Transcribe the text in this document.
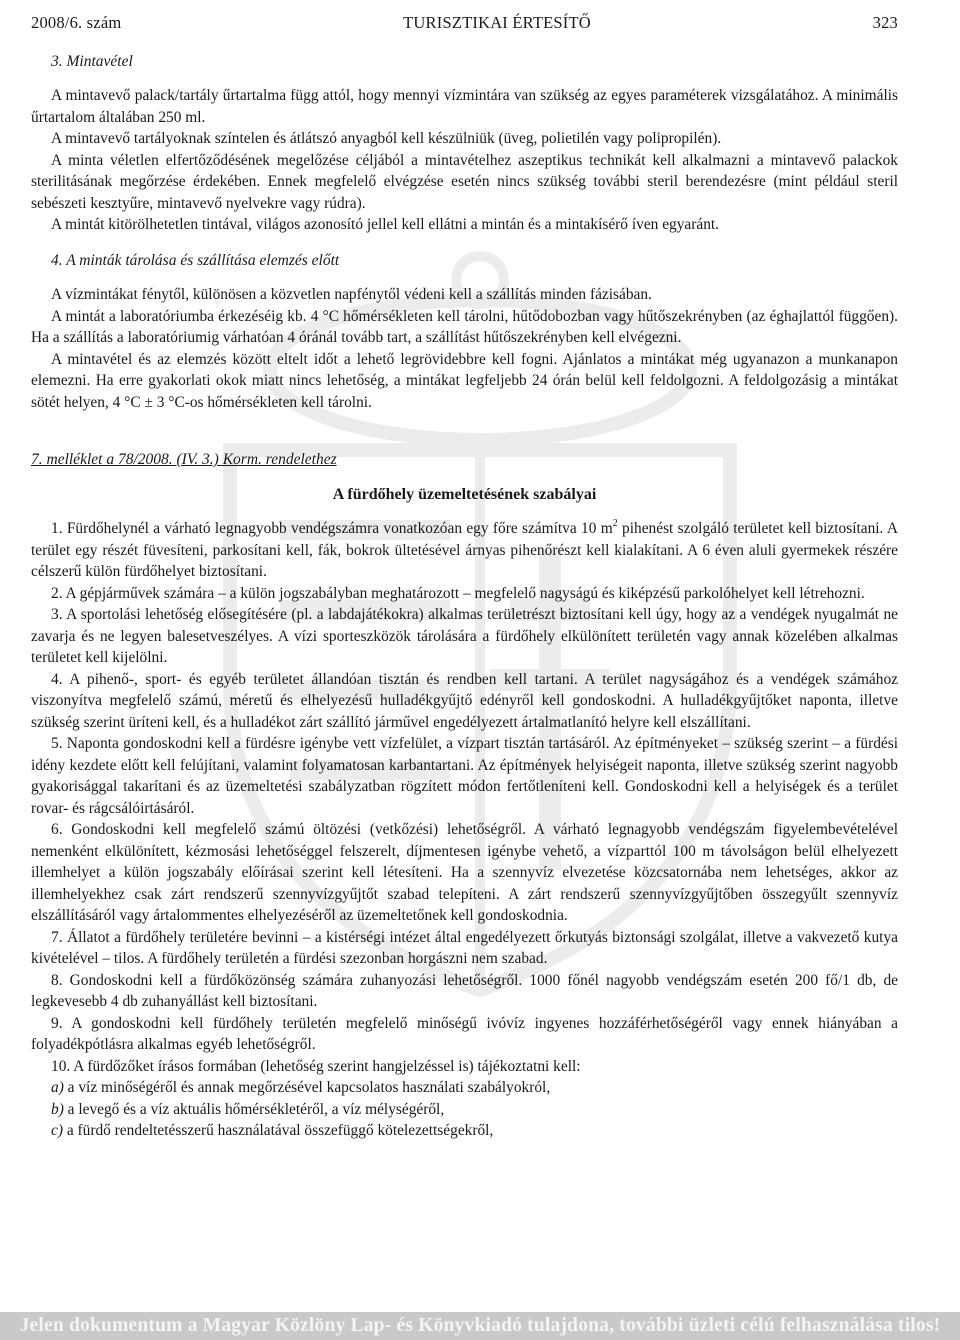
2008/6. szám	TURISZTIKAI ÉRTESÍTŐ	323
3. Mintavétel

A mintavevő palack/tartály űrtartalma függ attól, hogy mennyi vízmintára van szükség az egyes paraméterek vizsgálatához. A minimális űrtartalom általában 250 ml.

A mintavevő tartályoknak színtelen és átlátszó anyagból kell készülniük (üveg, polietilén vagy polipropilén).

A minta véletlen elfertőződésének megelőzése céljából a mintavételhez aszeptikus technikát kell alkalmazni a mintavevő palackok sterilitásának megőrzése érdekében. Ennek megfelelő elvégzése esetén nincs szükség további steril berendezésre (mint például steril sebészeti kesztyűre, mintavevő nyelvekre vagy rúdra).

A mintát kitörölhetetlen tintával, világos azonosító jellel kell ellátni a mintán és a mintakísérő íven egyaránt.

4. A minták tárolása és szállítása elemzés előtt

A vízmintákat fénytől, különösen a közvetlen napfénytől védeni kell a szállítás minden fázisában.

A mintát a laboratóriumba érkezéséig kb. 4 °C hőmérsékleten kell tárolni, hűtődobozban vagy hűtőszekrényben (az éghajlattól függően). Ha a szállítás a laboratóriumig várhatóan 4 óránál tovább tart, a szállítást hűtőszekrényben kell elvégezni.

A mintavétel és az elemzés között eltelt időt a lehető legrövidebbre kell fogni. Ajánlatos a mintákat még ugyanazon a munkanapon elemezni. Ha erre gyakorlati okok miatt nincs lehetőség, a mintákat legfeljebb 24 órán belül kell feldolgozni. A feldolgozásig a mintákat sötét helyen, 4 °C ± 3 °C-os hőmérsékleten kell tárolni.

7. melléklet a 78/2008. (IV. 3.) Korm. rendelethez
A fürdőhely üzemeltetésének szabályai

1. Fürdőhelynél a várható legnagyobb vendégszámra vonatkozóan egy főre számítva 10 $m^2$ pihenést szolgáló területet kell biztosítani. A terület egy részét füvesíteni, parkosítani kell, fák, bokrok ültetésével árnyas pihenőrészt kell kialakítani. A 6 éven aluli gyermekek részére célszerű külön fürdőhelyet biztosítani.

2. A gépjárművek számára – a külön jogszabályban meghatározott – megfelelő nagyságú és kiképzésű parkolóhelyet kell létrehozni.

3. A sportolási lehetőség elősegítésére (pl. a labdajátékokra) alkalmas területrészt biztosítani kell úgy, hogy az a vendégek nyugalmát ne zavarja és ne legyen balesetveszélyes. A vízi sporteszközök tárolására a fürdőhely elkülönített területén vagy annak közelében alkalmas területet kell kijelölni.

4. A pihenő-, sport- és egyéb területet állandóan tisztán és rendben kell tartani. A terület nagyságához és a vendégek számához viszonyítva megfelelő számú, méretű és elhelyezésű hulladékgyűjtő edényről kell gondoskodni. A hulladékgyűjtőket naponta, illetve szükség szerint üríteni kell, és a hulladékot zárt szállító járművel engedélyezett ártalmatlanító helyre kell elszállítani.

5. Naponta gondoskodni kell a fürdésre igénybe vett vízfelület, a vízpart tisztán tartásáról. Az építményeket – szükség szerint – a fürdési idény kezdete előtt kell felújítani, valamint folyamatosan karbantartani. Az építmények helyiségeit naponta, illetve szükség szerint nagyobb gyakorisággal takarítani és az üzemeltetési szabályzatban rögzített módon fertőtleníteni kell. Gondoskodni kell a helyiségek és a terület rovar- és rágcsálóirtásáról.

6. Gondoskodni kell megfelelő számú öltözési (vetkőzési) lehetőségről. A várható legnagyobb vendégszám figyelembevételével nemenként elkülönített, kézmosási lehetőséggel felszerelt, díjmentesen igénybe vehető, a vízparttól 100 m távolságon belül elhelyezett illemhelyet a külön jogszabály előírásai szerint kell létesíteni. Ha a szennyvíz elvezetése közcsatornába nem lehetséges, akkor az illemhelyekhez csak zárt rendszerű szennyvízgyűjtőt szabad telepíteni. A zárt rendszerű szennyvízgyűjtőben összegyűlt szennyvíz elszállításáról vagy ártalommentes elhelyezéséről az üzemeltetőnek kell gondoskodnia.

7. Állatot a fürdőhely területére bevinni – a kistérségi intézet által engedélyezett őrkutyás biztonsági szolgálat, illetve a vakvezető kutya kivételével – tilos. A fürdőhely területén a fürdési szezonban horgászni nem szabad.

8. Gondoskodni kell a fürdőközönség számára zuhanyozási lehetőségről. 1000 főnél nagyobb vendégszám esetén 200 fő/1 db, de legkevesebb 4 db zuhanyállást kell biztosítani.

9. A gondoskodni kell fürdőhely területén megfelelő minőségű ivóvíz ingyenes hozzáférhetőségéről vagy ennek hiányában a folyadékpótlásra alkalmas egyéb lehetőségről.

10. A fürdőzőket írásos formában (lehetőség szerint hangjelzéssel is) tájékoztatni kell:

a) a víz minőségéről és annak megőrzésével kapcsolatos használati szabályokról,

b) a levegő és a víz aktuális hőmérsékletéről, a víz mélységéről,

c) a fürdő rendeltetésszerű használatával összefüggő kötelezettségekről,

Jelen dokumentum a Magyar Közlöny Lap- és Könyvkiadó tulajdona, további üzleti célú felhasználása tilos!
